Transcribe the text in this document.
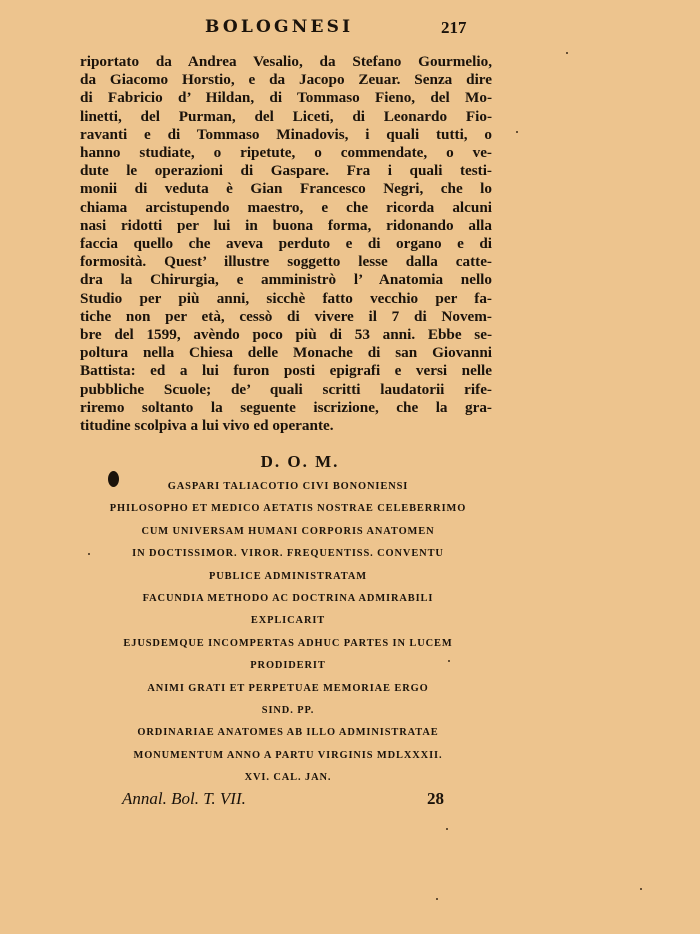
BOLOGNESI	217
riportato da Andrea Vesalio, da Stefano Gourmelio,
da Giacomo Horstio, e da Jacopo Zeuar. Senza dire
di Fabricio d’ Hildan, di Tommaso Fieno, del Mo-
linetti, del Purman, del Liceti, di Leonardo Fio-
ravanti e di Tommaso Minadovis, i quali tutti, o
hanno studiate, o ripetute, o commendate, o ve-
dute le operazioni di Gaspare. Fra i quali testi-
monii di veduta è Gian Francesco Negri, che lo
chiama arcistupendo maestro, e che ricorda alcuni
nasi ridotti per lui in buona forma, ridonando alla
faccia quello che aveva perduto e di organo e di
formosità. Quest’ illustre soggetto lesse dalla catte-
dra la Chirurgia, e amministrò l’ Anatomia nello
Studio per più anni, sicchè fatto vecchio per fa-
tiche non per età, cessò di vivere il 7 di Novem-
bre del 1599, avèndo poco più di 53 anni. Ebbe se-
poltura nella Chiesa delle Monache di san Giovanni
Battista: ed a lui furon posti epigrafi e versi nelle
pubbliche Scuole; de’ quali scritti laudatorii rife-
riremo soltanto la seguente iscrizione, che la gra-
titudine scolpiva a lui vivo ed operante.
D. O. M.
GASPARI TALIACOTIO CIVI BONONIENSI
PHILOSOPHO ET MEDICO AETATIS NOSTRAE CELEBERRIMO
CUM UNIVERSAM HUMANI CORPORIS ANATOMEN
IN DOCTISSIMOR. VIROR. FREQUENTISS. CONVENTU
PUBLICE ADMINISTRATAM
FACUNDIA METHODO AC DOCTRINA ADMIRABILI
EXPLICARIT
EJUSDEMQUE INCOMPERTAS ADHUC PARTES IN LUCEM
PRODIDERIT
ANIMI GRATI ET PERPETUAE MEMORIAE ERGO
SIND. PP.
ORDINARIAE ANATOMES AB ILLO ADMINISTRATAE
MONUMENTUM ANNO A PARTU VIRGINIS MDLXXXII.
XVI. CAL. JAN.
Annal. Bol. T. VII.	28
